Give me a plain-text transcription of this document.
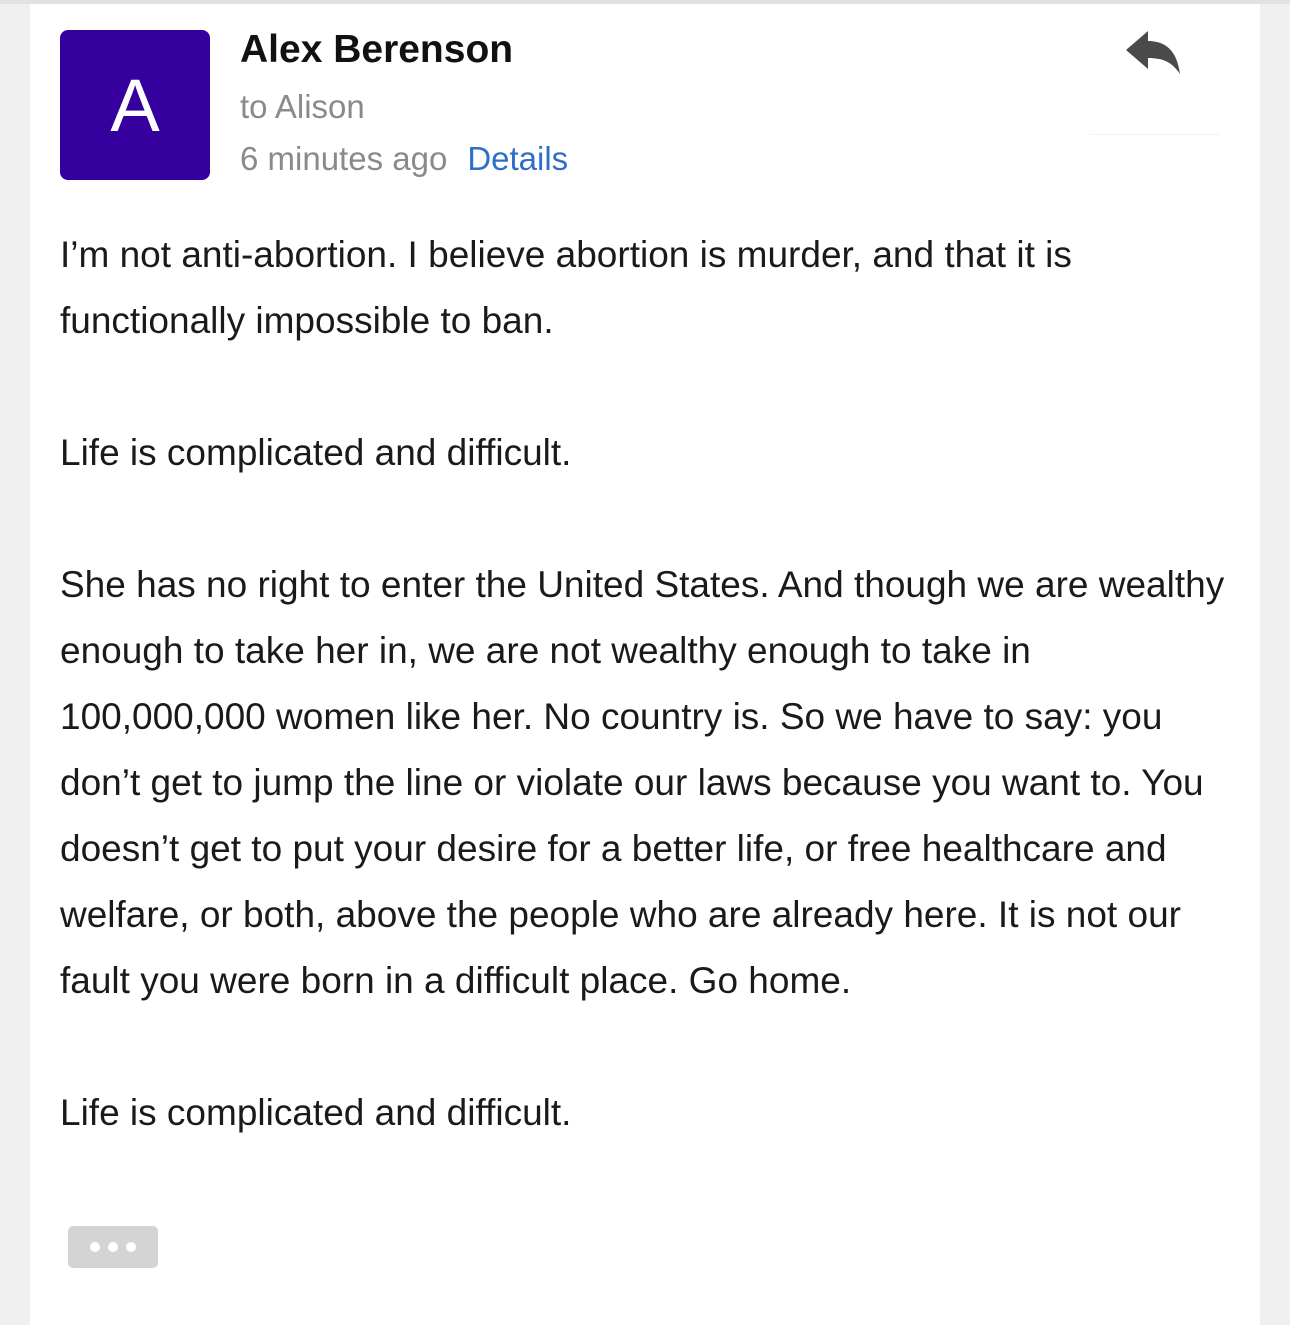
A
Alex Berenson
to Alison
6 minutes ago Details

I’m not anti-abortion. I believe abortion is murder, and that it is functionally impossible to ban.

Life is complicated and difficult.

She has no right to enter the United States. And though we are wealthy enough to take her in, we are not wealthy enough to take in 100,000,000 women like her. No country is. So we have to say: you don’t get to jump the line or violate our laws because you want to. You doesn’t get to put your desire for a better life, or free healthcare and welfare, or both, above the people who are already here. It is not our fault you were born in a difficult place. Go home.

Life is complicated and difficult.
